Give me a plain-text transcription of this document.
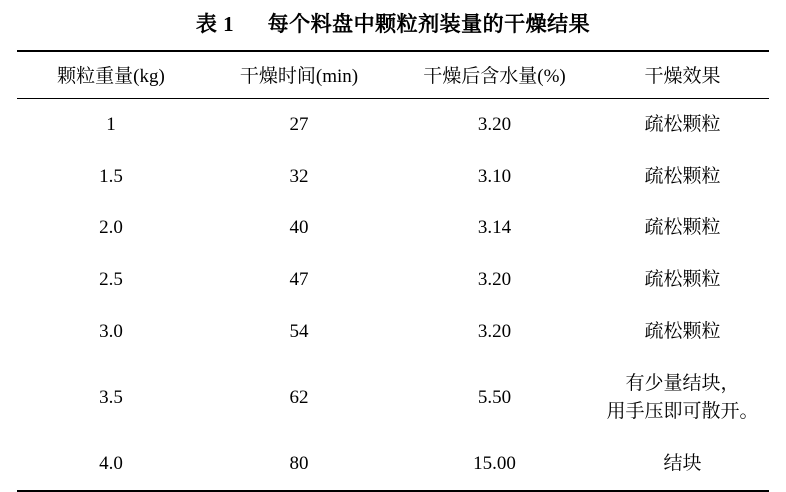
表 1 每个料盘中颗粒剂装量的干燥结果
颗粒重量(kg)	干燥时间(min)	干燥后含水量(%)	干燥效果
1	27	3.20	疏松颗粒
1.5	32	3.10	疏松颗粒
2.0	40	3.14	疏松颗粒
2.5	47	3.20	疏松颗粒
3.0	54	3.20	疏松颗粒
3.5	62	5.50	有少量结块，
用手压即可散开。

4.0	80	15.00	结块
